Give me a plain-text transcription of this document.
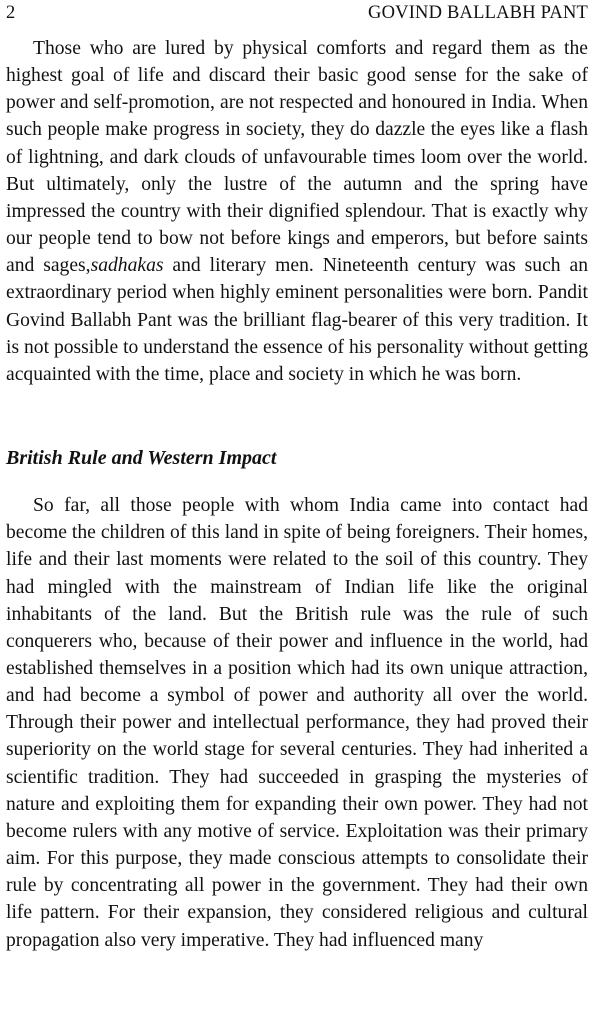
2	GOVIND BALLABH PANT

Those who are lured by physical comforts and regard them as the highest goal of life and discard their basic good sense for the sake of power and self-promotion, are not respected and honoured in India. When such people make progress in society, they do dazzle the eyes like a flash of lightning, and dark clouds of unfavourable times loom over the world. But ultimately, only the lustre of the autumn and the spring have impressed the country with their dignified splendour. That is exactly why our people tend to bow not before kings and emperors, but before saints and sages,sadhakas and literary men. Nineteenth century was such an extraordinary period when highly eminent personalities were born. Pandit Govind Ballabh Pant was the brilliant flag-bearer of this very tradition. It is not possible to understand the essence of his personality without getting acquainted with the time, place and society in which he was born.

British Rule and Western Impact

So far, all those people with whom India came into contact had become the children of this land in spite of being foreigners. Their homes, life and their last moments were related to the soil of this country. They had mingled with the mainstream of Indian life like the original inhabitants of the land. But the British rule was the rule of such conquerers who, because of their power and influence in the world, had established themselves in a position which had its own unique attraction, and had become a symbol of power and authority all over the world. Through their power and intellectual performance, they had proved their superiority on the world stage for several centuries. They had inherited a scientific tradition. They had succeeded in grasping the mysteries of nature and exploiting them for expanding their own power. They had not become rulers with any motive of service. Exploitation was their primary aim. For this purpose, they made conscious attempts to consolidate their rule by concentrating all power in the government. They had their own life pattern. For their expansion, they considered religious and cultural propagation also very imperative. They had influenced many
